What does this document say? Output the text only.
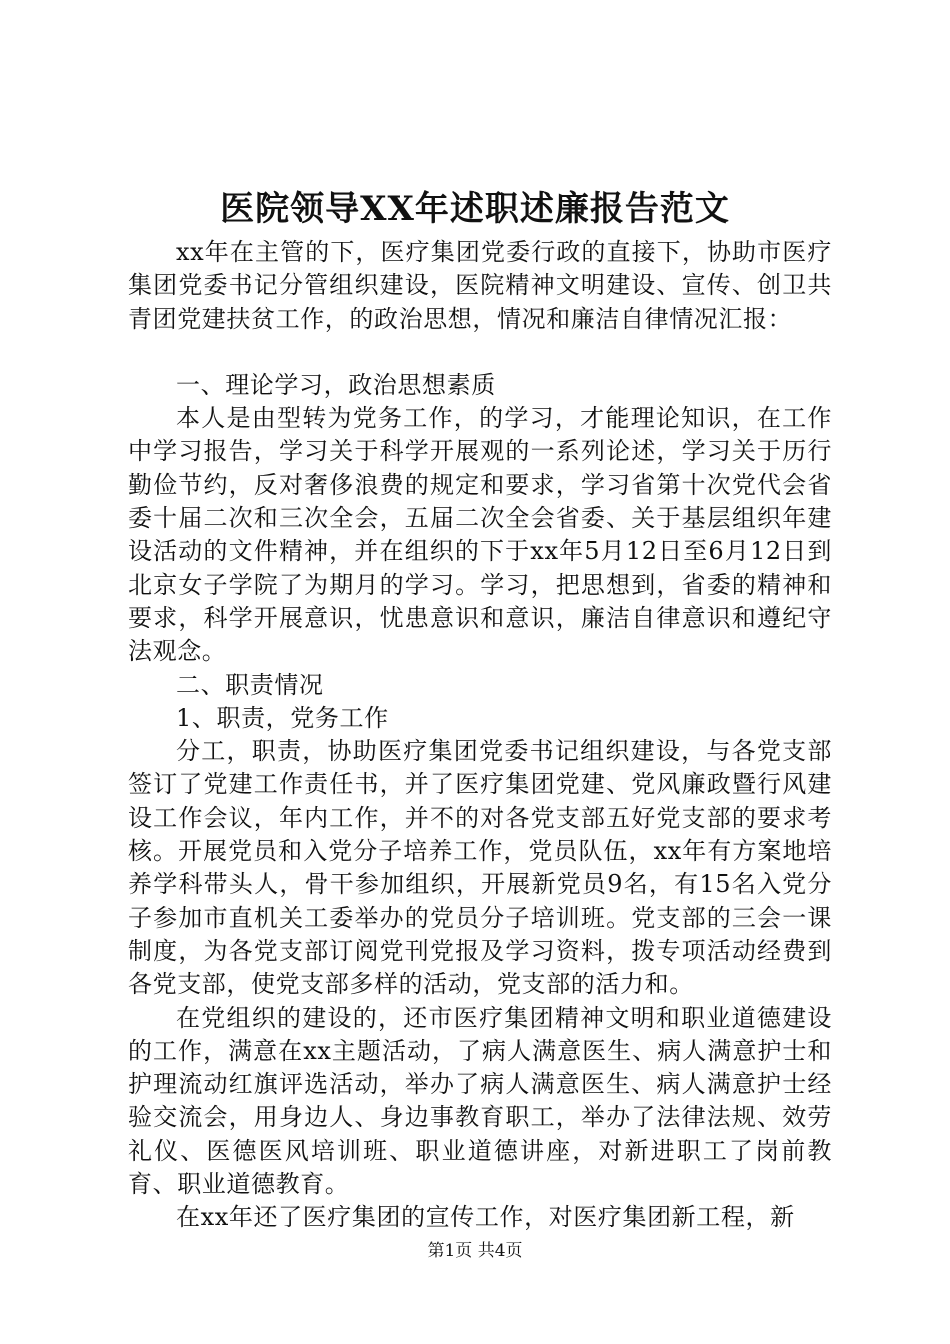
医院领导XX年述职述廉报告范文

xx年在主管的下，医疗集团党委行政的直接下，协助市医疗集团党委书记分管组织建设，医院精神文明建设、宣传、创卫共青团党建扶贫工作，的政治思想，情况和廉洁自律情况汇报：

一、理论学习，政治思想素质

本人是由型转为党务工作，的学习，才能理论知识，在工作中学习报告，学习关于科学开展观的一系列论述，学习关于历行勤俭节约，反对奢侈浪费的规定和要求，学习省第十次党代会省委十届二次和三次全会，五届二次全会省委、关于基层组织年建设活动的文件精神，并在组织的下于xx年5月12日至6月12日到北京女子学院了为期月的学习。学习，把思想到，省委的精神和要求，科学开展意识，忧患意识和意识，廉洁自律意识和遵纪守法观念。

二、职责情况

1、职责，党务工作

分工，职责，协助医疗集团党委书记组织建设，与各党支部签订了党建工作责任书，并了医疗集团党建、党风廉政暨行风建设工作会议，年内工作，并不的对各党支部五好党支部的要求考核。开展党员和入党分子培养工作，党员队伍，xx年有方案地培养学科带头人，骨干参加组织，开展新党员9名，有15名入党分子参加市直机关工委举办的党员分子培训班。党支部的三会一课制度，为各党支部订阅党刊党报及学习资料，拨专项活动经费到各党支部，使党支部多样的活动，党支部的活力和。

在党组织的建设的，还市医疗集团精神文明和职业道德建设的工作，满意在xx主题活动，了病人满意医生、病人满意护士和护理流动红旗评选活动，举办了病人满意医生、病人满意护士经验交流会，用身边人、身边事教育职工，举办了法律法规、效劳礼仪、医德医风培训班、职业道德讲座，对新进职工了岗前教育、职业道德教育。

在xx年还了医疗集团的宣传工作，对医疗集团新工程，新

第1页 共4页
